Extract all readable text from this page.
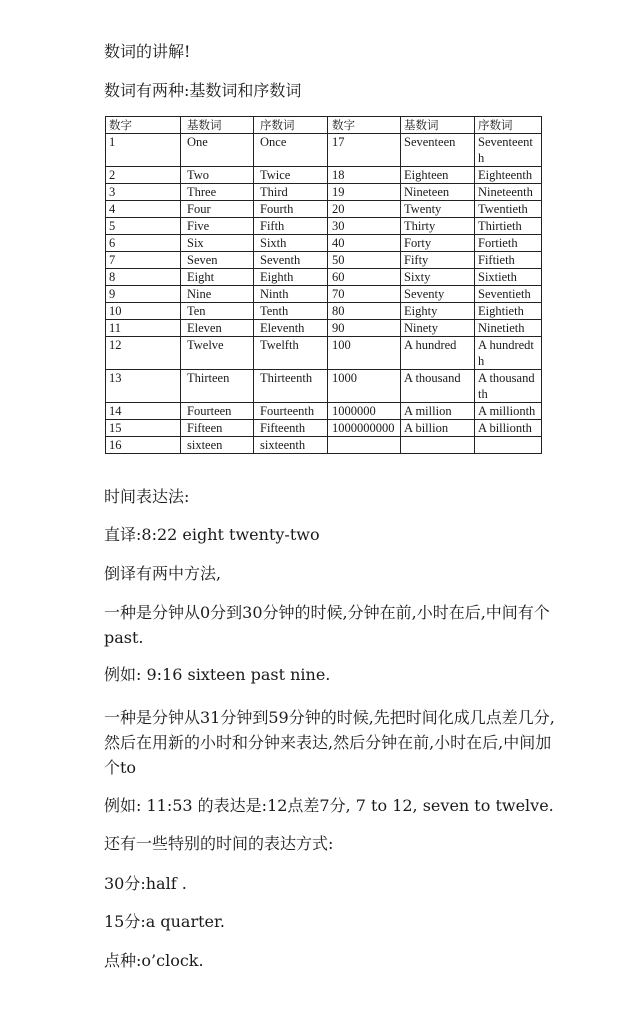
数词的讲解!
数词有两种:基数词和序数词
数字	基数词	序数词	数字	基数词	序数词
1	One	Once	17	Seventeen	Seventeenth
2	Two	Twice	18	Eighteen	Eighteenth
3	Three	Third	19	Nineteen	Nineteenth
4	Four	Fourth	20	Twenty	Twentieth
5	Five	Fifth	30	Thirty	Thirtieth
6	Six	Sixth	40	Forty	Fortieth
7	Seven	Seventh	50	Fifty	Fiftieth
8	Eight	Eighth	60	Sixty	Sixtieth
9	Nine	Ninth	70	Seventy	Seventieth
10	Ten	Tenth	80	Eighty	Eightieth
11	Eleven	Eleventh	90	Ninety	Ninetieth
12	Twelve	Twelfth	100	A hundred	A hundredth
13	Thirteen	Thirteenth	1000	A thousand	A thousandth
14	Fourteen	Fourteenth	1000000	A million	A millionth
15	Fifteen	Fifteenth	1000000000	A billion	A billionth
16	sixteen	sixteenth			
时间表达法:
直译:8:22 eight twenty-two
倒译有两中方法,
一种是分钟从0分到30分钟的时候,分钟在前,小时在后,中间有个past.
例如: 9:16 sixteen past nine.
一种是分钟从31分钟到59分钟的时候,先把时间化成几点差几分,然后在用新的小时和分钟来表达,然后分钟在前,小时在后,中间加个to
例如: 11:53 的表达是:12点差7分, 7 to 12, seven to twelve.
还有一些特别的时间的表达方式:
30分:half .
15分:a quarter.
点种:o’clock.
